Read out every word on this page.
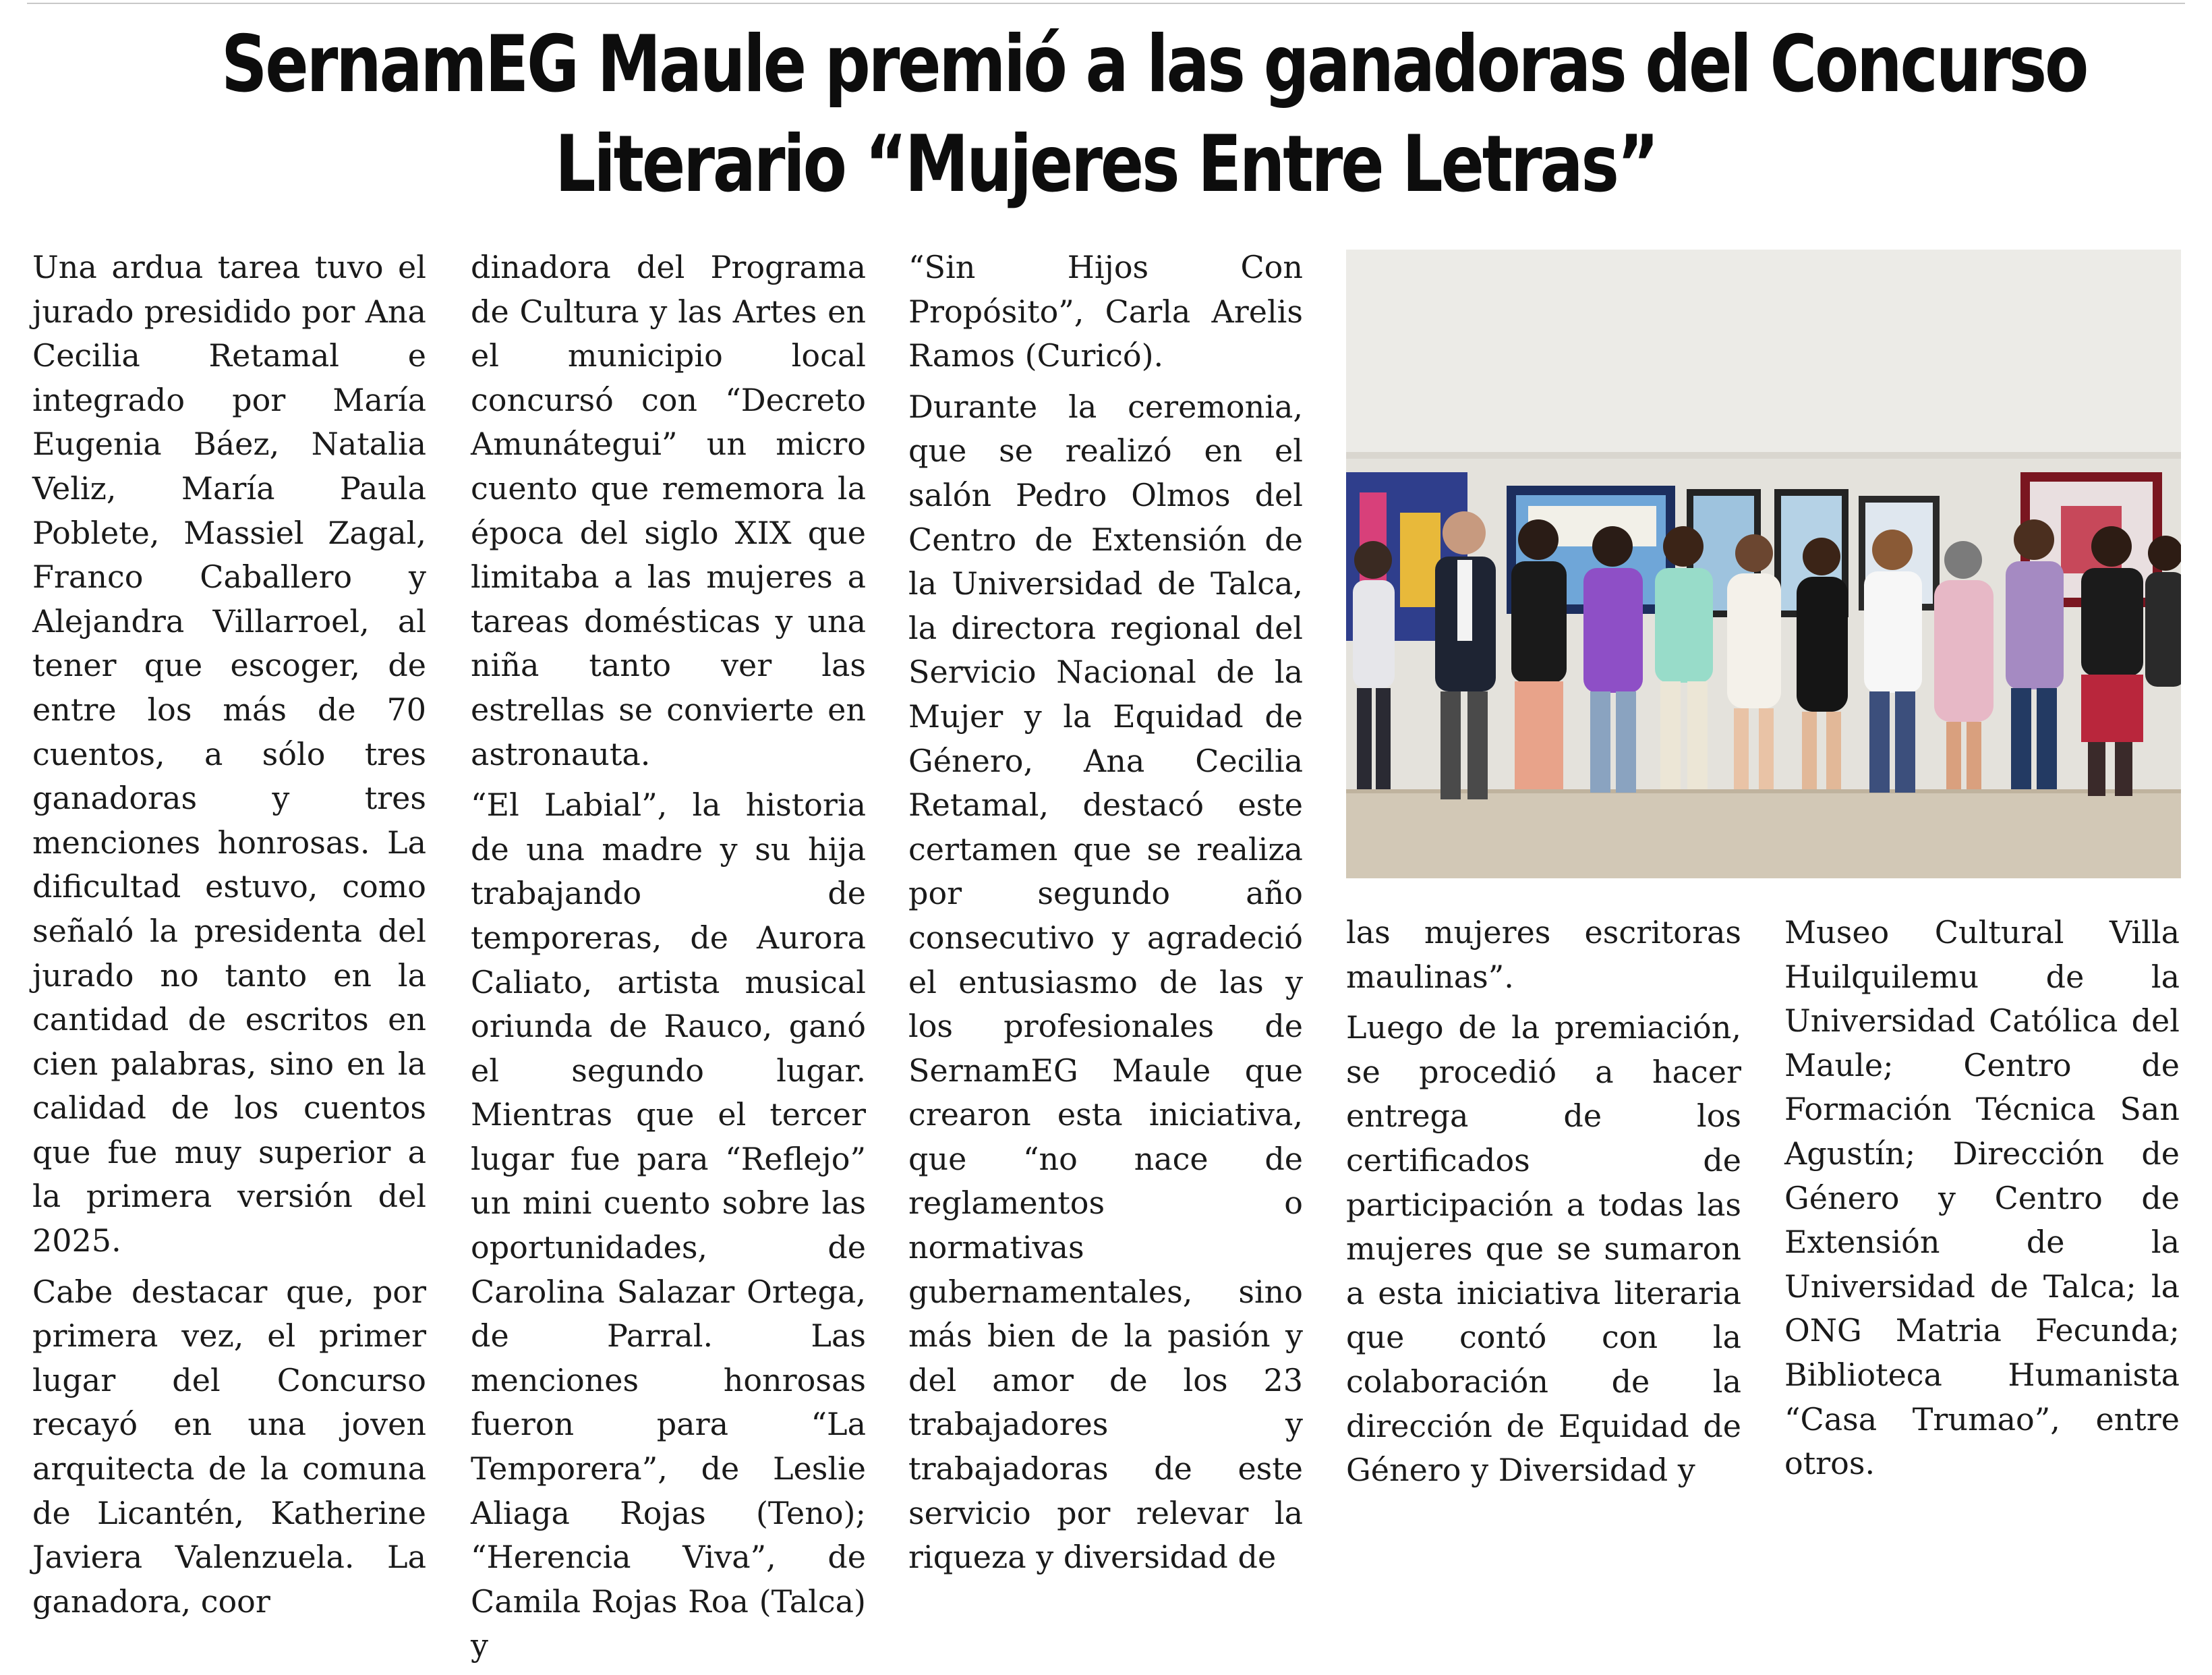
SernamEG Maule premió a las ganadoras del Concurso
Literario “Mujeres Entre Letras”

Una ardua tarea tuvo el jurado presidido por Ana Cecilia Retamal e integrado por María Eugenia Báez, Natalia Veliz, María Paula Poblete, Massiel Zagal, Franco Caballero y Alejandra Villarroel, al tener que escoger, de entre los más de 70 cuentos, a sólo tres ganadoras y tres menciones honrosas. La dificultad estuvo, como señaló la presidenta del jurado no tanto en la cantidad de escritos en cien palabras, sino en la calidad de los cuentos que fue muy superior a la primera versión del 2025.

Cabe destacar que, por primera vez, el primer lugar del Concurso recayó en una joven arquitecta de la comuna de Licantén, Katherine Javiera Valenzuela. La ganadora, coor

dinadora del Programa de Cultura y las Artes en el municipio local concursó con “Decreto Amunátegui” un micro cuento que rememora la época del siglo XIX que limitaba a las mujeres a tareas domésticas y una niña tanto ver las estrellas se convierte en astronauta.

“El Labial”, la historia de una madre y su hija trabajando de temporeras, de Aurora Caliato, artista musical oriunda de Rauco, ganó el segundo lugar. Mientras que el tercer lugar fue para “Reflejo” un mini cuento sobre las oportunidades, de Carolina Salazar Ortega, de Parral. Las menciones honrosas fueron para “La Temporera”, de Leslie Aliaga Rojas (Teno); “Herencia Viva”, de Camila Rojas Roa (Talca) y

“Sin Hijos Con Propósito”, Carla Arelis Ramos (Curicó).

Durante la ceremonia, que se realizó en el salón Pedro Olmos del Centro de Extensión de la Universidad de Talca, la directora regional del Servicio Nacional de la Mujer y la Equidad de Género, Ana Cecilia Retamal, destacó este certamen que se realiza por segundo año consecutivo y agradeció el entusiasmo de las y los profesionales de SernamEG Maule que crearon esta iniciativa, que “no nace de reglamentos o normativas gubernamentales, sino más bien de la pasión y del amor de los 23 trabajadores y trabajadoras de este servicio por relevar la riqueza y diversidad de

las mujeres escritoras maulinas”.

Luego de la premiación, se procedió a hacer entrega de los certificados de participación a todas las mujeres que se sumaron a esta iniciativa literaria que contó con la colaboración de la dirección de Equidad de Género y Diversidad y

Museo Cultural Villa Huilquilemu de la Universidad Católica del Maule; Centro de Formación Técnica San Agustín; Dirección de Género y Centro de Extensión de la Universidad de Talca; la ONG Matria Fecunda; Biblioteca Humanista “Casa Trumao”, entre otros.
